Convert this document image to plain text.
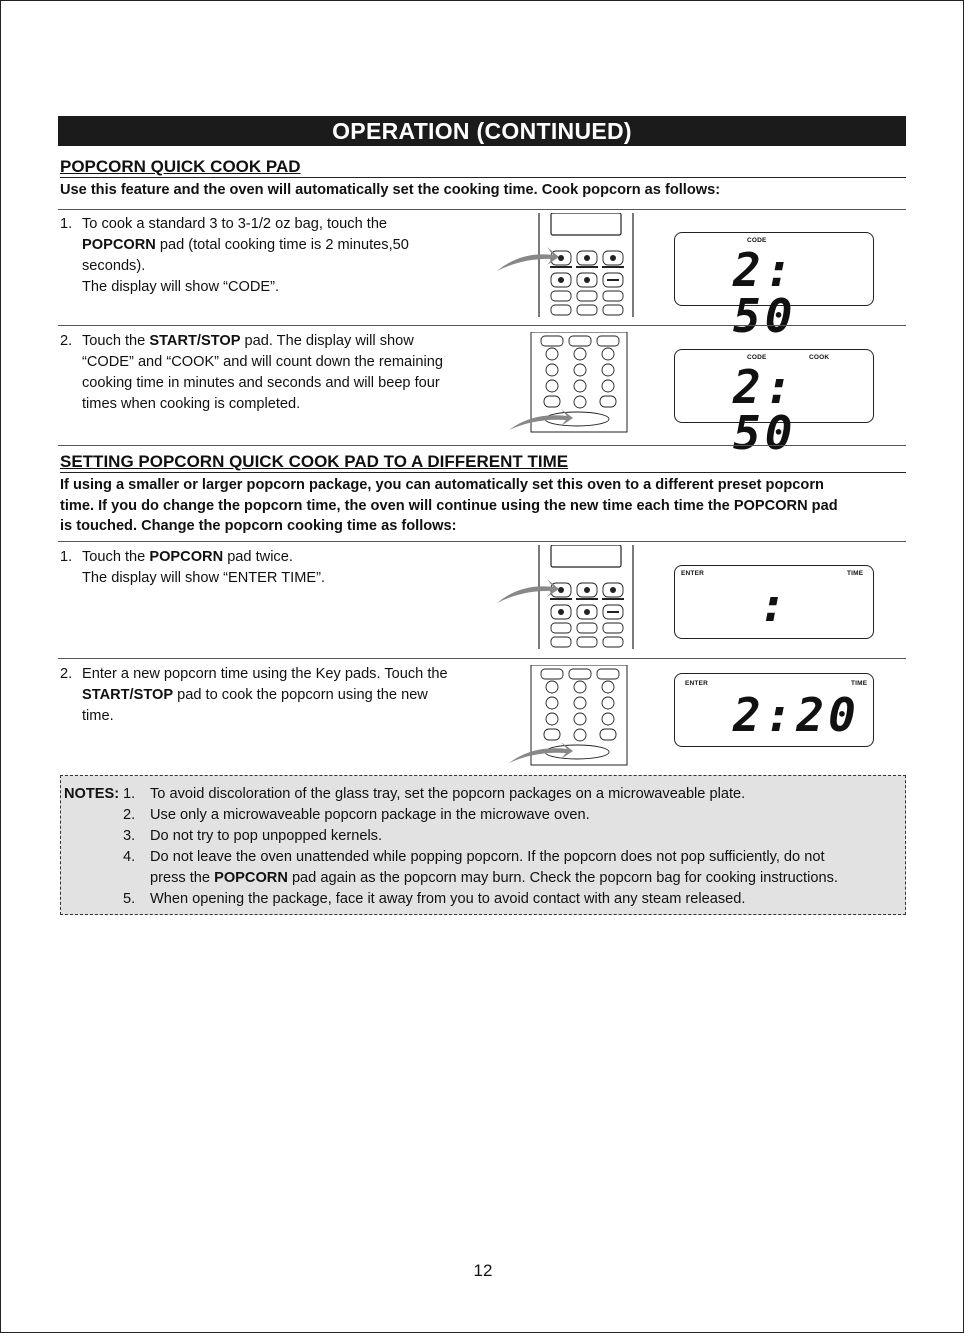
OPERATION (CONTINUED)
POPCORN QUICK COOK PAD
Use this feature and the oven will automatically set the cooking time. Cook popcorn as follows:
1. To cook a standard 3 to 3-1/2 oz bag, touch the
POPCORN pad (total cooking time is 2 minutes,50
seconds).
The display will show “CODE”.
CODE
2: 50
2. Touch the START/STOP pad. The display will show
“CODE” and “COOK” and will count down the remaining
cooking time in minutes and seconds and will beep four
times when cooking is completed.
CODE	COOK
2: 50
SETTING POPCORN QUICK COOK PAD TO A DIFFERENT TIME
If using a smaller or larger popcorn package, you can automatically set this oven to a different preset popcorn
time. If you do change the popcorn time, the oven will continue using the new time each time the POPCORN pad
is touched. Change the popcorn cooking time as follows:
1. Touch the POPCORN pad twice.
The display will show “ENTER TIME”.	ENTER	TIME
:
2. Enter a new popcorn time using the Key pads. Touch the
START/STOP pad to cook the popcorn using the new
time.
ENTER	TIME
2:20
NOTES: 1. To avoid discoloration of the glass tray, set the popcorn packages on a microwaveable plate.
2. Use only a microwaveable popcorn package in the microwave oven.
3. Do not try to pop unpopped kernels.
4. Do not leave the oven unattended while popping popcorn. If the popcorn does not pop sufficiently, do not
press the POPCORN pad again as the popcorn may burn. Check the popcorn bag for cooking instructions.
5. When opening the package, face it away from you to avoid contact with any steam released.
12
